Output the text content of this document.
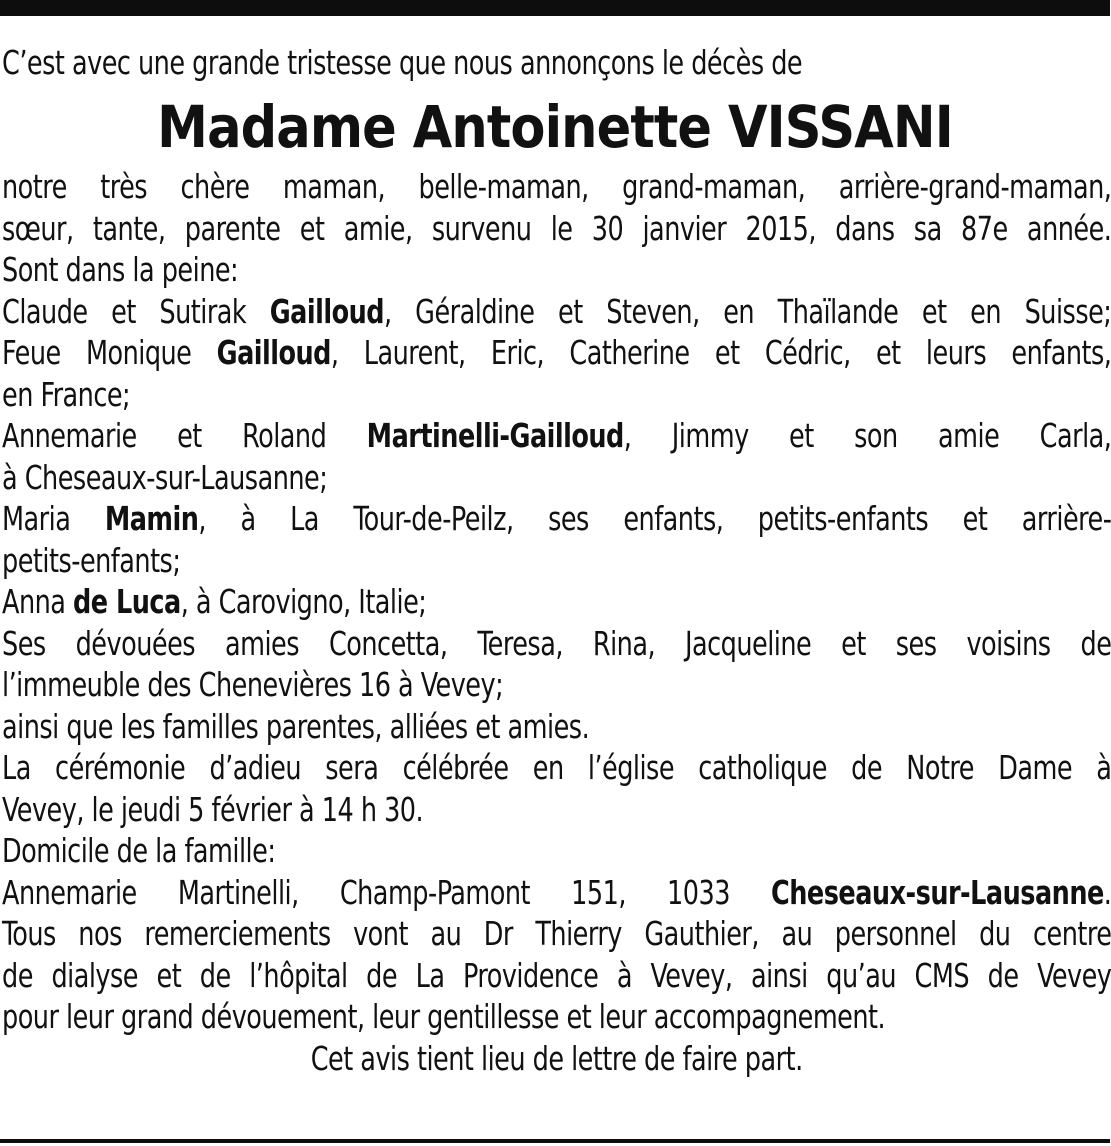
C’est avec une grande tristesse que nous annonçons le décès de

Madame Antoinette VISSANI
notre très chère maman, belle-maman, grand-maman, arrière-grand-maman,
sœur, tante, parente et amie, survenu le 30 janvier 2015, dans sa 87e année.
Sont dans la peine:
Claude et Sutirak Gailloud, Géraldine et Steven, en Thaïlande et en Suisse;
Feue Monique Gailloud, Laurent, Eric, Catherine et Cédric, et leurs enfants,
en France;
Annemarie et Roland Martinelli-Gailloud, Jimmy et son amie Carla,
à Cheseaux-sur-Lausanne;
Maria Mamin, à La Tour-de-Peilz, ses enfants, petits-enfants et arrière-
petits-enfants;
Anna de Luca, à Carovigno, Italie;
Ses dévouées amies Concetta, Teresa, Rina, Jacqueline et ses voisins de
l’immeuble des Chenevières 16 à Vevey;
ainsi que les familles parentes, alliées et amies.
La cérémonie d’adieu sera célébrée en l’église catholique de Notre Dame à
Vevey, le jeudi 5 février à 14 h 30.
Domicile de la famille:
Annemarie Martinelli, Champ-Pamont 151, 1033 Cheseaux-sur-Lausanne.
Tous nos remerciements vont au Dr Thierry Gauthier, au personnel du centre
de dialyse et de l’hôpital de La Providence à Vevey, ainsi qu’au CMS de Vevey
pour leur grand dévouement, leur gentillesse et leur accompagnement.
Cet avis tient lieu de lettre de faire part.
